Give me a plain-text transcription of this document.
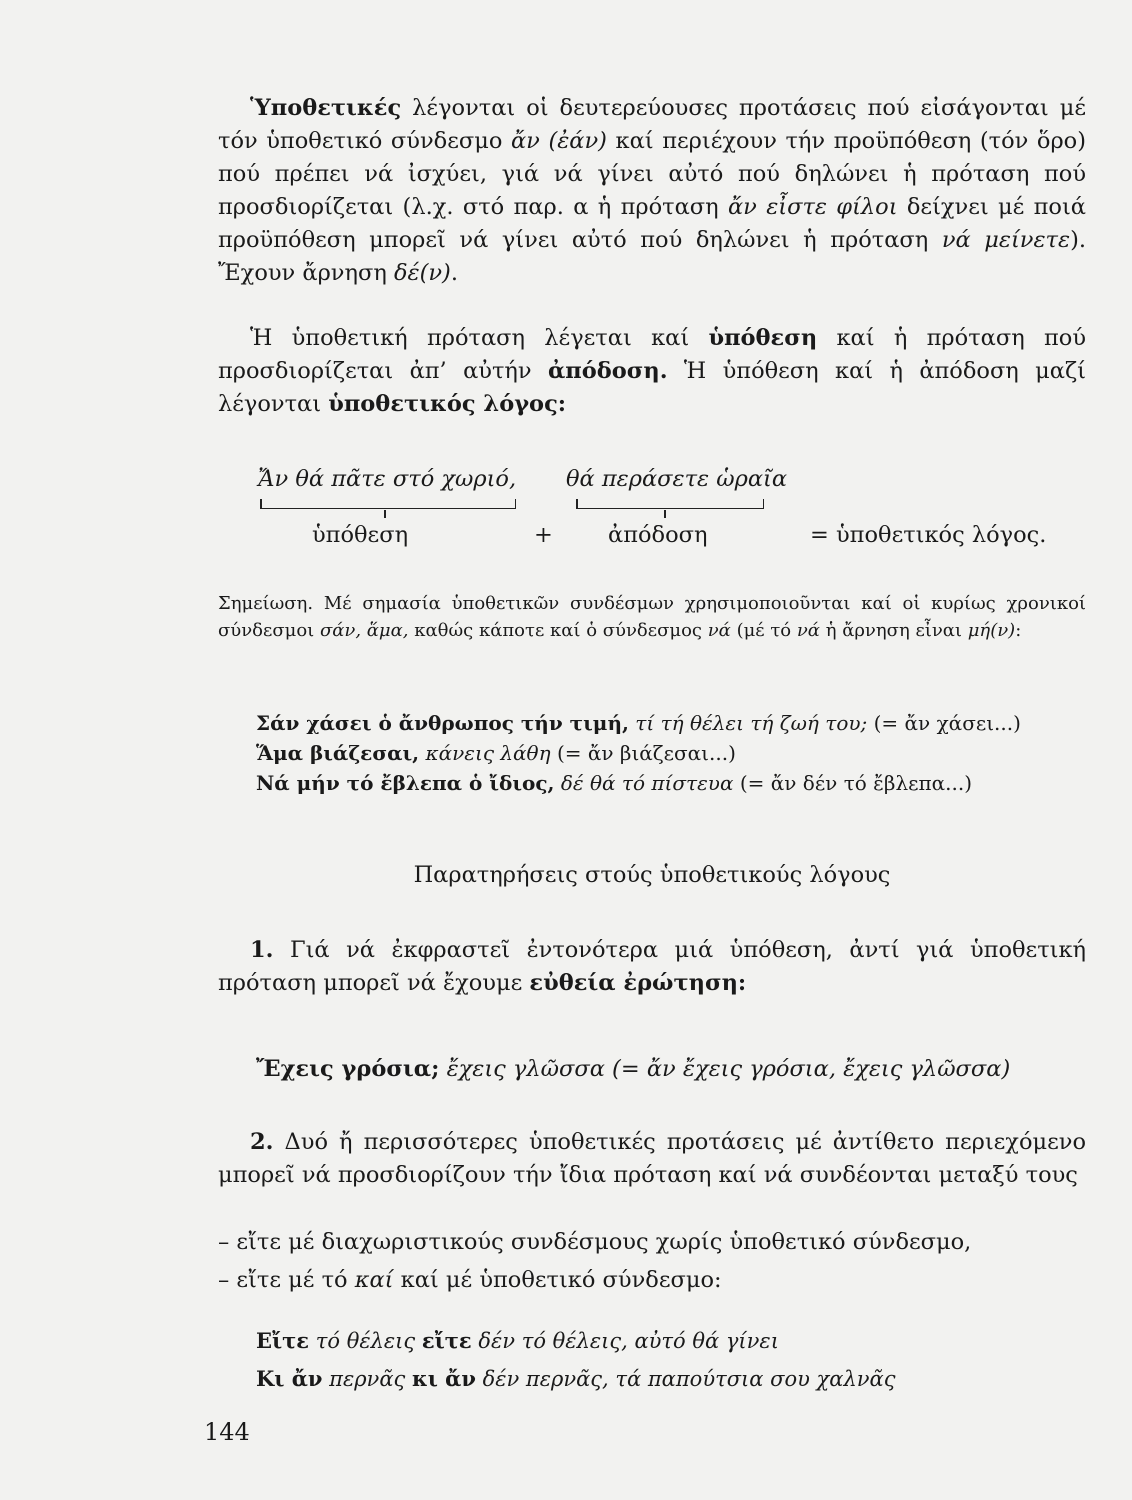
Ὑποθετικές λέγονται οἱ δευτερεύουσες προτάσεις πού εἰσάγονται μέ τόν ὑποθετικό σύνδεσμο ἄν (ἐάν) καί περιέχουν τήν προϋπόθεση (τόν ὅρο) πού πρέπει νά ἰσχύει, γιά νά γίνει αὐτό πού δηλώνει ἡ πρόταση πού προσδιορίζεται (λ.χ. στό παρ. α ἡ πρόταση ἄν εἶστε φίλοι δείχνει μέ ποιά προϋπόθεση μπορεῖ νά γίνει αὐτό πού δηλώνει ἡ πρόταση νά μείνετε). Ἔχουν ἄρνηση δέ(ν).
Ἡ ὑποθετική πρόταση λέγεται καί ὑπόθεση καί ἡ πρόταση πού προσδιορίζεται ἀπ’ αὐτήν ἀπόδοση. Ἡ ὑπόθεση καί ἡ ἀπόδοση μαζί λέγονται ὑποθετικός λόγος:
Ἄν θά πᾶτε στό χωριό, θά περάσετε ὡραῖα
ὑπόθεση	+ ἀπόδοση	= ὑποθετικός λόγος.
Σημείωση. Μέ σημασία ὑποθετικῶν συνδέσμων χρησιμοποιοῦνται καί οἱ κυρίως χρονικοί σύνδεσμοι σάν, ἅμα, καθώς κάποτε καί ὁ σύνδεσμος νά (μέ τό νά ἡ ἄρνηση εἶναι μή(ν):
Σάν χάσει ὁ ἄνθρωπος τήν τιμή, τί τή θέλει τή ζωή του; (= ἄν χάσει...)
Ἅμα βιάζεσαι, κάνεις λάθη (= ἄν βιάζεσαι...)
Νά μήν τό ἔβλεπα ὁ ἴδιος, δέ θά τό πίστευα (= ἄν δέν τό ἔβλεπα...)
Παρατηρήσεις στούς ὑποθετικούς λόγους
1. Γιά νά ἐκφραστεῖ ἐντονότερα μιά ὑπόθεση, ἀντί γιά ὑποθετική πρόταση μπορεῖ νά ἔχουμε εὐθεία ἐρώτηση:
Ἔχεις γρόσια; ἔχεις γλῶσσα (= ἄν ἔχεις γρόσια, ἔχεις γλῶσσα)
2. Δυό ἤ περισσότερες ὑποθετικές προτάσεις μέ ἀντίθετο περιεχόμενο μπορεῖ νά προσδιορίζουν τήν ἴδια πρόταση καί νά συνδέονται μεταξύ τους
– εἴτε μέ διαχωριστικούς συνδέσμους χωρίς ὑποθετικό σύνδεσμο,
– εἴτε μέ τό καί καί μέ ὑποθετικό σύνδεσμο:
Εἴτε τό θέλεις εἴτε δέν τό θέλεις, αὐτό θά γίνει
Κι ἄν περνᾶς κι ἄν δέν περνᾶς, τά παπούτσια σου χαλνᾶς
144
